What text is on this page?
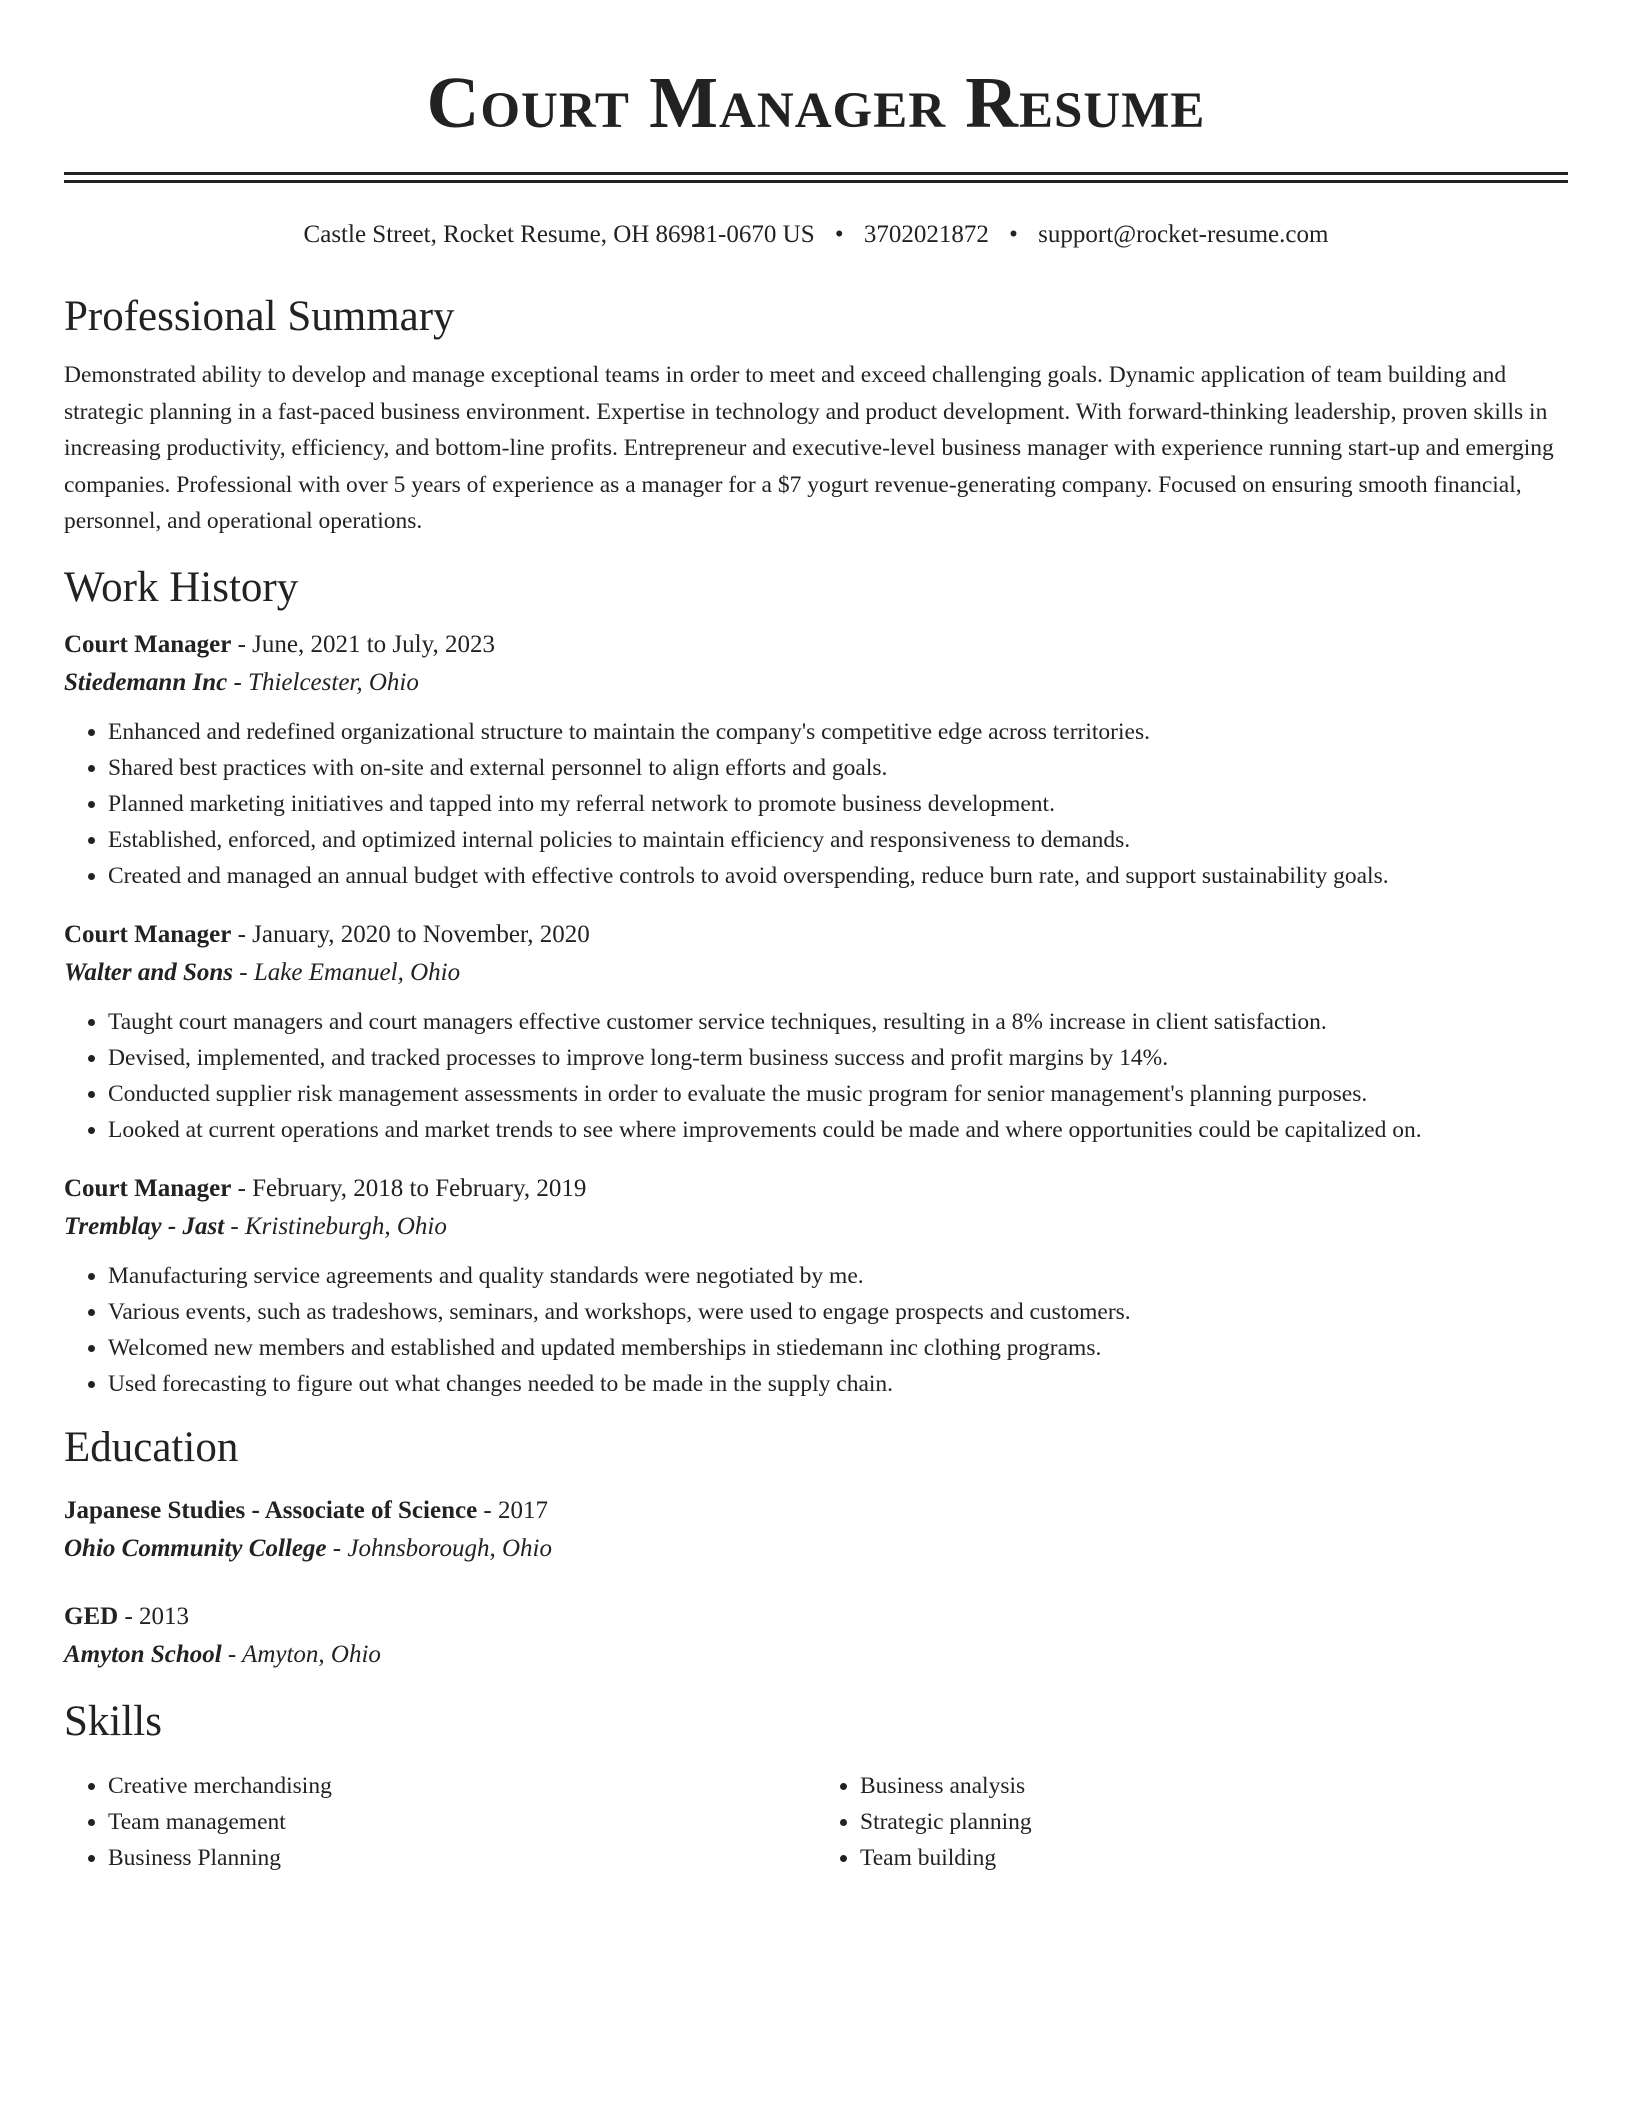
Court Manager Resume
Castle Street, Rocket Resume, OH 86981-0670 US • 3702021872 • support@rocket-resume.com
Professional Summary
Demonstrated ability to develop and manage exceptional teams in order to meet and exceed challenging goals. Dynamic application of team building and strategic planning in a fast-paced business environment. Expertise in technology and product development. With forward-thinking leadership, proven skills in increasing productivity, efficiency, and bottom-line profits. Entrepreneur and executive-level business manager with experience running start-up and emerging companies. Professional with over 5 years of experience as a manager for a $7 yogurt revenue-generating company. Focused on ensuring smooth financial, personnel, and operational operations.
Work History
Court Manager - June, 2021 to July, 2023
Stiedemann Inc - Thielcester, Ohio
• Enhanced and redefined organizational structure to maintain the company's competitive edge across territories.
• Shared best practices with on-site and external personnel to align efforts and goals.
• Planned marketing initiatives and tapped into my referral network to promote business development.
• Established, enforced, and optimized internal policies to maintain efficiency and responsiveness to demands.
• Created and managed an annual budget with effective controls to avoid overspending, reduce burn rate, and support sustainability goals.
Court Manager - January, 2020 to November, 2020
Walter and Sons - Lake Emanuel, Ohio
• Taught court managers and court managers effective customer service techniques, resulting in a 8% increase in client satisfaction.
• Devised, implemented, and tracked processes to improve long-term business success and profit margins by 14%.
• Conducted supplier risk management assessments in order to evaluate the music program for senior management's planning purposes.
• Looked at current operations and market trends to see where improvements could be made and where opportunities could be capitalized on.
Court Manager - February, 2018 to February, 2019
Tremblay - Jast - Kristineburgh, Ohio
• Manufacturing service agreements and quality standards were negotiated by me.
• Various events, such as tradeshows, seminars, and workshops, were used to engage prospects and customers.
• Welcomed new members and established and updated memberships in stiedemann inc clothing programs.
• Used forecasting to figure out what changes needed to be made in the supply chain.
Education
Japanese Studies - Associate of Science - 2017
Ohio Community College - Johnsborough, Ohio
GED - 2013
Amyton School - Amyton, Ohio
Skills
• Creative merchandising
• Team management
• Business Planning
• Business analysis
• Strategic planning
• Team building
